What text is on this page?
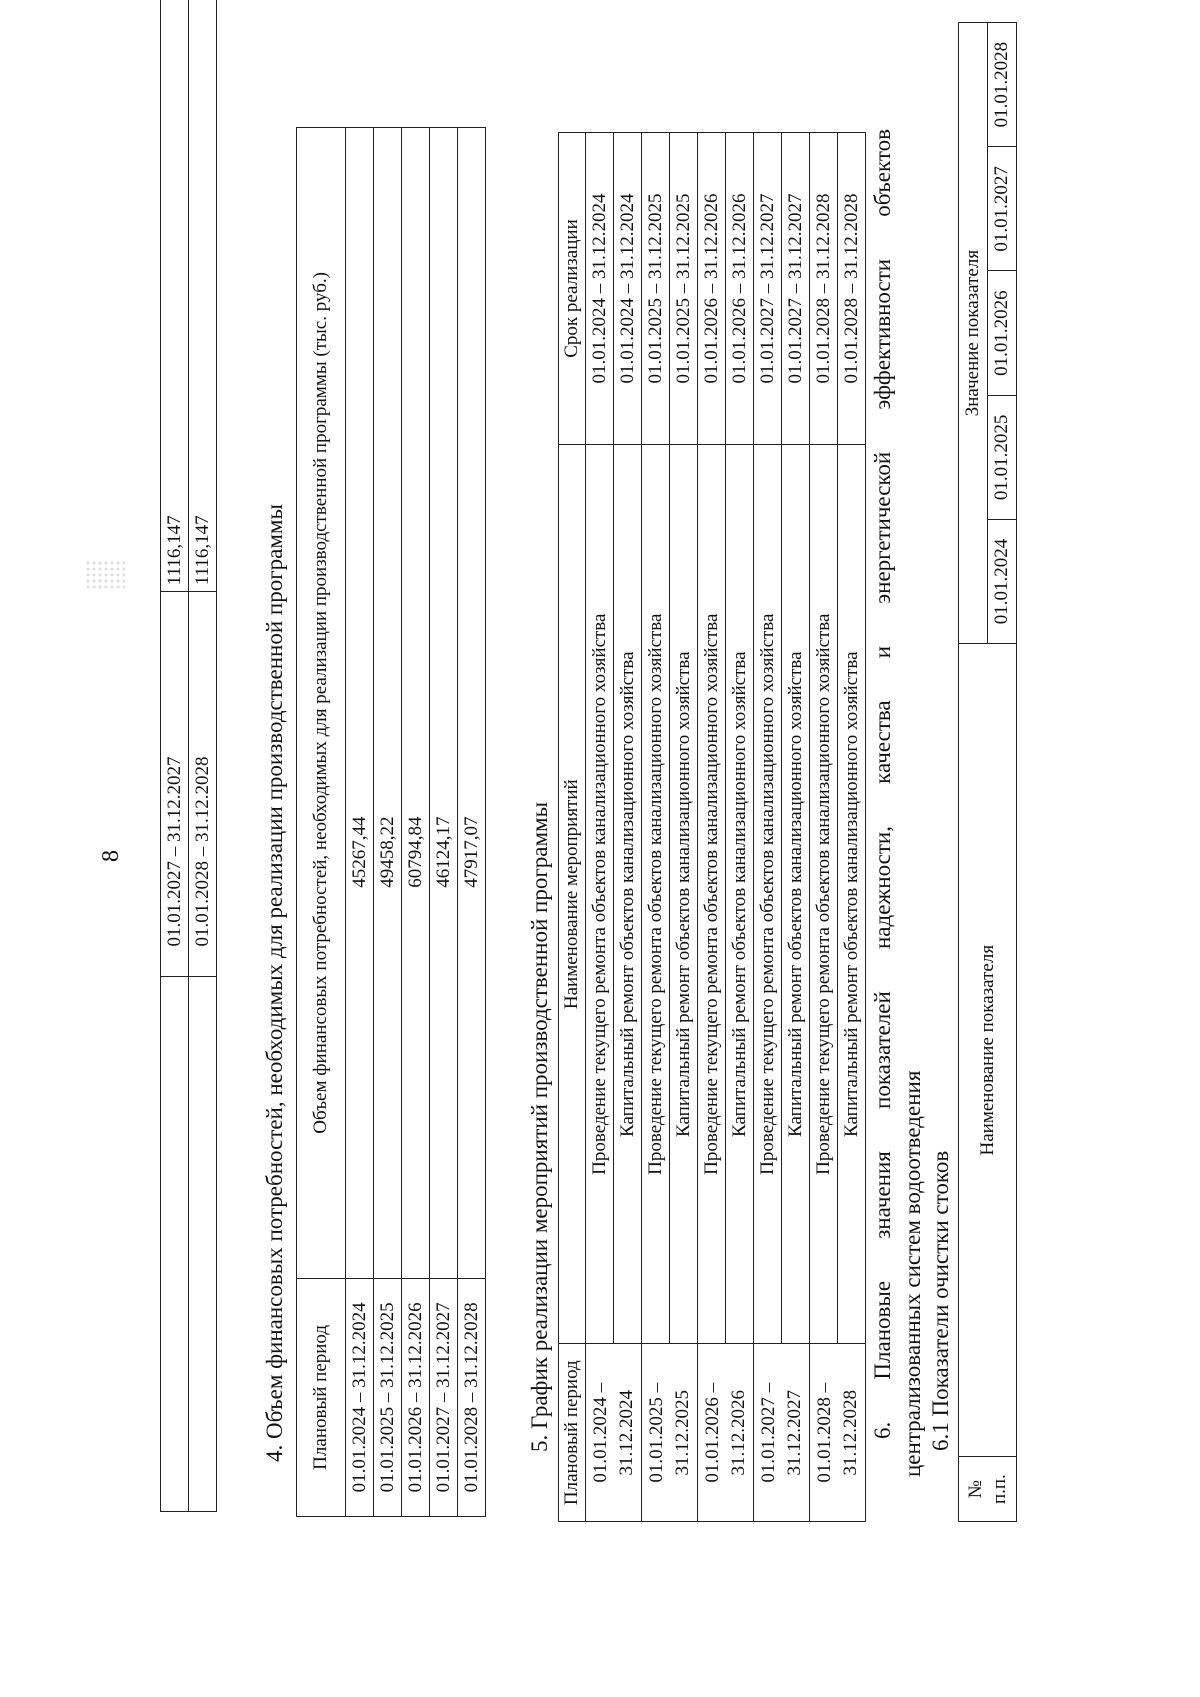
8
	01.01.2027 – 31.12.2027	1116,147
	01.01.2028 – 31.12.2028	1116,147 4. Объем финансовых потребностей, необходимых для реализации производственной программы Плановый период	Объем финансовых потребностей, необходимых для реализации производственной программы (тыс. руб.)
01.01.2024 – 31.12.2024	45267,44
01.01.2025 – 31.12.2025	49458,22
01.01.2026 – 31.12.2026	60794,84
01.01.2027 – 31.12.2027	46124,17
01.01.2028 – 31.12.2028	47917,07 5. График реализации мероприятий производственной программы Плановый период	Наименование мероприятий	Срок реализации
01.01.2024 – 31.12.2024	Проведение текущего ремонта объектов канализационного хозяйства	01.01.2024 – 31.12.2024
	Капитальный ремонт объектов канализационного хозяйства	01.01.2024 – 31.12.2024
01.01.2025 – 31.12.2025	Проведение текущего ремонта объектов канализационного хозяйства	01.01.2025 – 31.12.2025
	Капитальный ремонт объектов канализационного хозяйства	01.01.2025 – 31.12.2025
01.01.2026 – 31.12.2026	Проведение текущего ремонта объектов канализационного хозяйства	01.01.2026 – 31.12.2026
	Капитальный ремонт объектов канализационного хозяйства	01.01.2026 – 31.12.2026
01.01.2027 – 31.12.2027	Проведение текущего ремонта объектов канализационного хозяйства	01.01.2027 – 31.12.2027
	Капитальный ремонт объектов канализационного хозяйства	01.01.2027 – 31.12.2027
01.01.2028 – 31.12.2028	Проведение текущего ремонта объектов канализационного хозяйства	01.01.2028 – 31.12.2028
	Капитальный ремонт объектов канализационного хозяйства	01.01.2028 – 31.12.2028
6.
Плановые
значения
показателей
надежности,
качества
и
энергетической
эффективности
объектов
централизованных систем водоотведения 6.1 Показатели очистки стоков
№ п.п.	Наименование показателя	Значение показателя				
		01.01.2024	01.01.2025	01.01.2026	01.01.2027	01.01.2028
